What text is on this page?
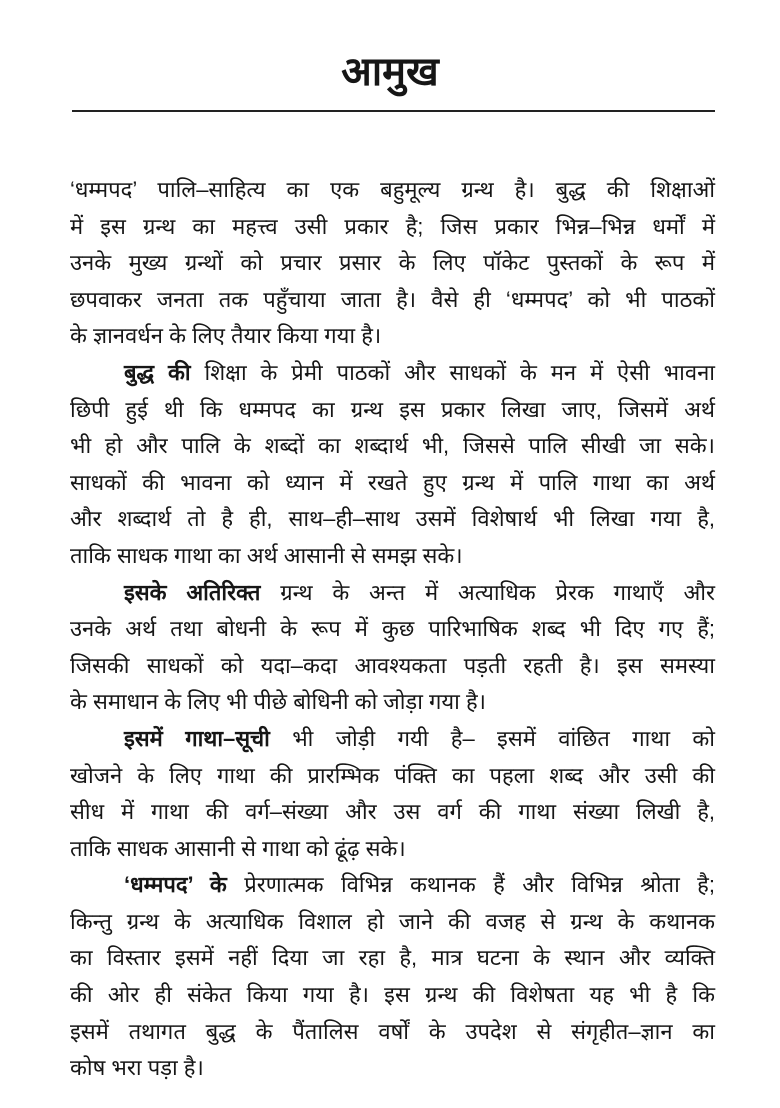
आमुख
‘धम्मपद’ पालि–साहित्य का एक बहुमूल्य ग्रन्थ है। बुद्ध की शिक्षाओं
में इस ग्रन्थ का महत्त्व उसी प्रकार है; जिस प्रकार भिन्न–भिन्न धर्मों में
उनके मुख्य ग्रन्थों को प्रचार प्रसार के लिए पॉकेट पुस्तकों के रूप में
छपवाकर जनता तक पहुँचाया जाता है। वैसे ही ‘धम्मपद’ को भी पाठकों
के ज्ञानवर्धन के लिए तैयार किया गया है।
बुद्ध की शिक्षा के प्रेमी पाठकों और साधकों के मन में ऐसी भावना
छिपी हुई थी कि धम्मपद का ग्रन्थ इस प्रकार लिखा जाए, जिसमें अर्थ
भी हो और पालि के शब्दों का शब्दार्थ भी, जिससे पालि सीखी जा सके।
साधकों की भावना को ध्यान में रखते हुए ग्रन्थ में पालि गाथा का अर्थ
और शब्दार्थ तो है ही, साथ–ही–साथ उसमें विशेषार्थ भी लिखा गया है,
ताकि साधक गाथा का अर्थ आसानी से समझ सके।
इसके अतिरिक्त ग्रन्थ के अन्त में अत्याधिक प्रेरक गाथाएँ और
उनके अर्थ तथा बोधनी के रूप में कुछ पारिभाषिक शब्द भी दिए गए हैं;
जिसकी साधकों को यदा–कदा आवश्यकता पड़ती रहती है। इस समस्या
के समाधान के लिए भी पीछे बोधिनी को जोड़ा गया है।
इसमें गाथा–सूची भी जोड़ी गयी है– इसमें वांछित गाथा को
खोजने के लिए गाथा की प्रारम्भिक पंक्ति का पहला शब्द और उसी की
सीध में गाथा की वर्ग–संख्या और उस वर्ग की गाथा संख्या लिखी है,
ताकि साधक आसानी से गाथा को ढूंढ़ सके।
‘धम्मपद’ के प्रेरणात्मक विभिन्न कथानक हैं और विभिन्न श्रोता है;
किन्तु ग्रन्थ के अत्याधिक विशाल हो जाने की वजह से ग्रन्थ के कथानक
का विस्तार इसमें नहीं दिया जा रहा है, मात्र घटना के स्थान और व्यक्ति
की ओर ही संकेत किया गया है। इस ग्रन्थ की विशेषता यह भी है कि
इसमें तथागत बुद्ध के पैंतालिस वर्षों के उपदेश से संगृहीत–ज्ञान का
कोष भरा पड़ा है।
